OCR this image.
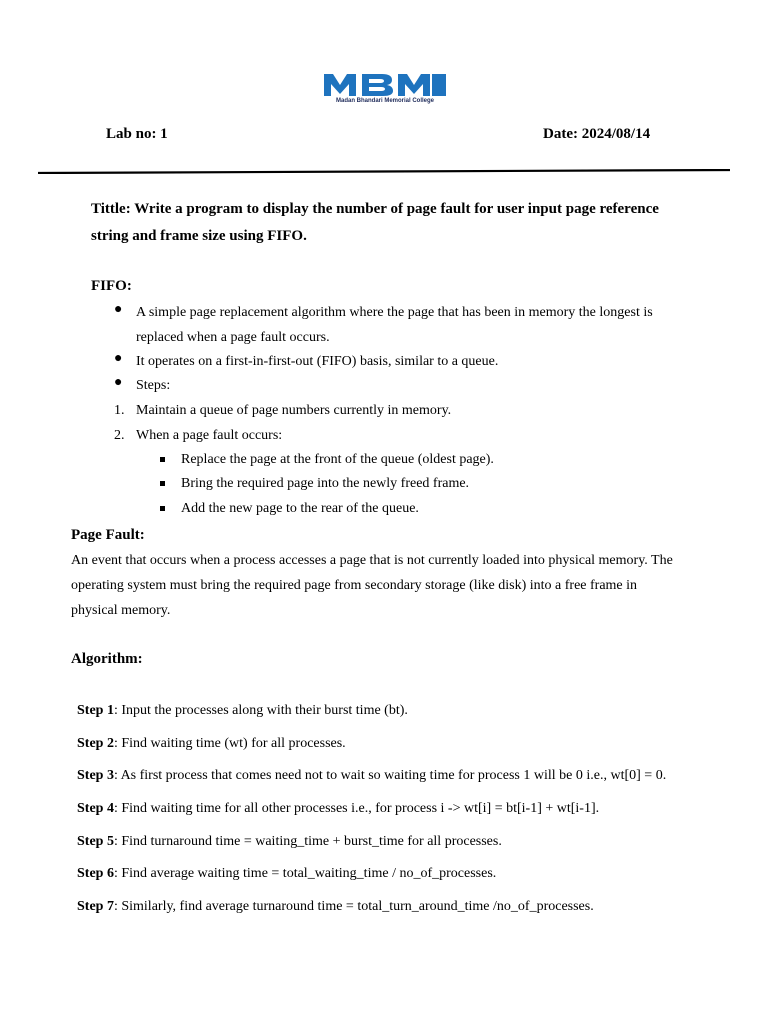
Madan Bhandari Memorial College
Lab no: 1	Date: 2024/08/14
Tittle: Write a program to display the number of page fault for user input page reference string and frame size using FIFO.
FIFO:
● A simple page replacement algorithm where the page that has been in memory the longest is replaced when a page fault occurs.
● It operates on a first-in-first-out (FIFO) basis, similar to a queue.
● Steps:
1. Maintain a queue of page numbers currently in memory.
2. When a page fault occurs:
Replace the page at the front of the queue (oldest page).
Bring the required page into the newly freed frame.
Add the new page to the rear of the queue.
Page Fault:
An event that occurs when a process accesses a page that is not currently loaded into physical memory. The operating system must bring the required page from secondary storage (like disk) into a free frame in physical memory.
Algorithm:
Step 1: Input the processes along with their burst time (bt).
Step 2: Find waiting time (wt) for all processes.
Step 3: As first process that comes need not to wait so waiting time for process 1 will be 0 i.e., wt[0] = 0.
Step 4: Find waiting time for all other processes i.e., for process i -> wt[i] = bt[i-1] + wt[i-1].
Step 5: Find turnaround time = waiting_time + burst_time for all processes.
Step 6: Find average waiting time = total_waiting_time / no_of_processes.
Step 7: Similarly, find average turnaround time = total_turn_around_time /no_of_processes.
